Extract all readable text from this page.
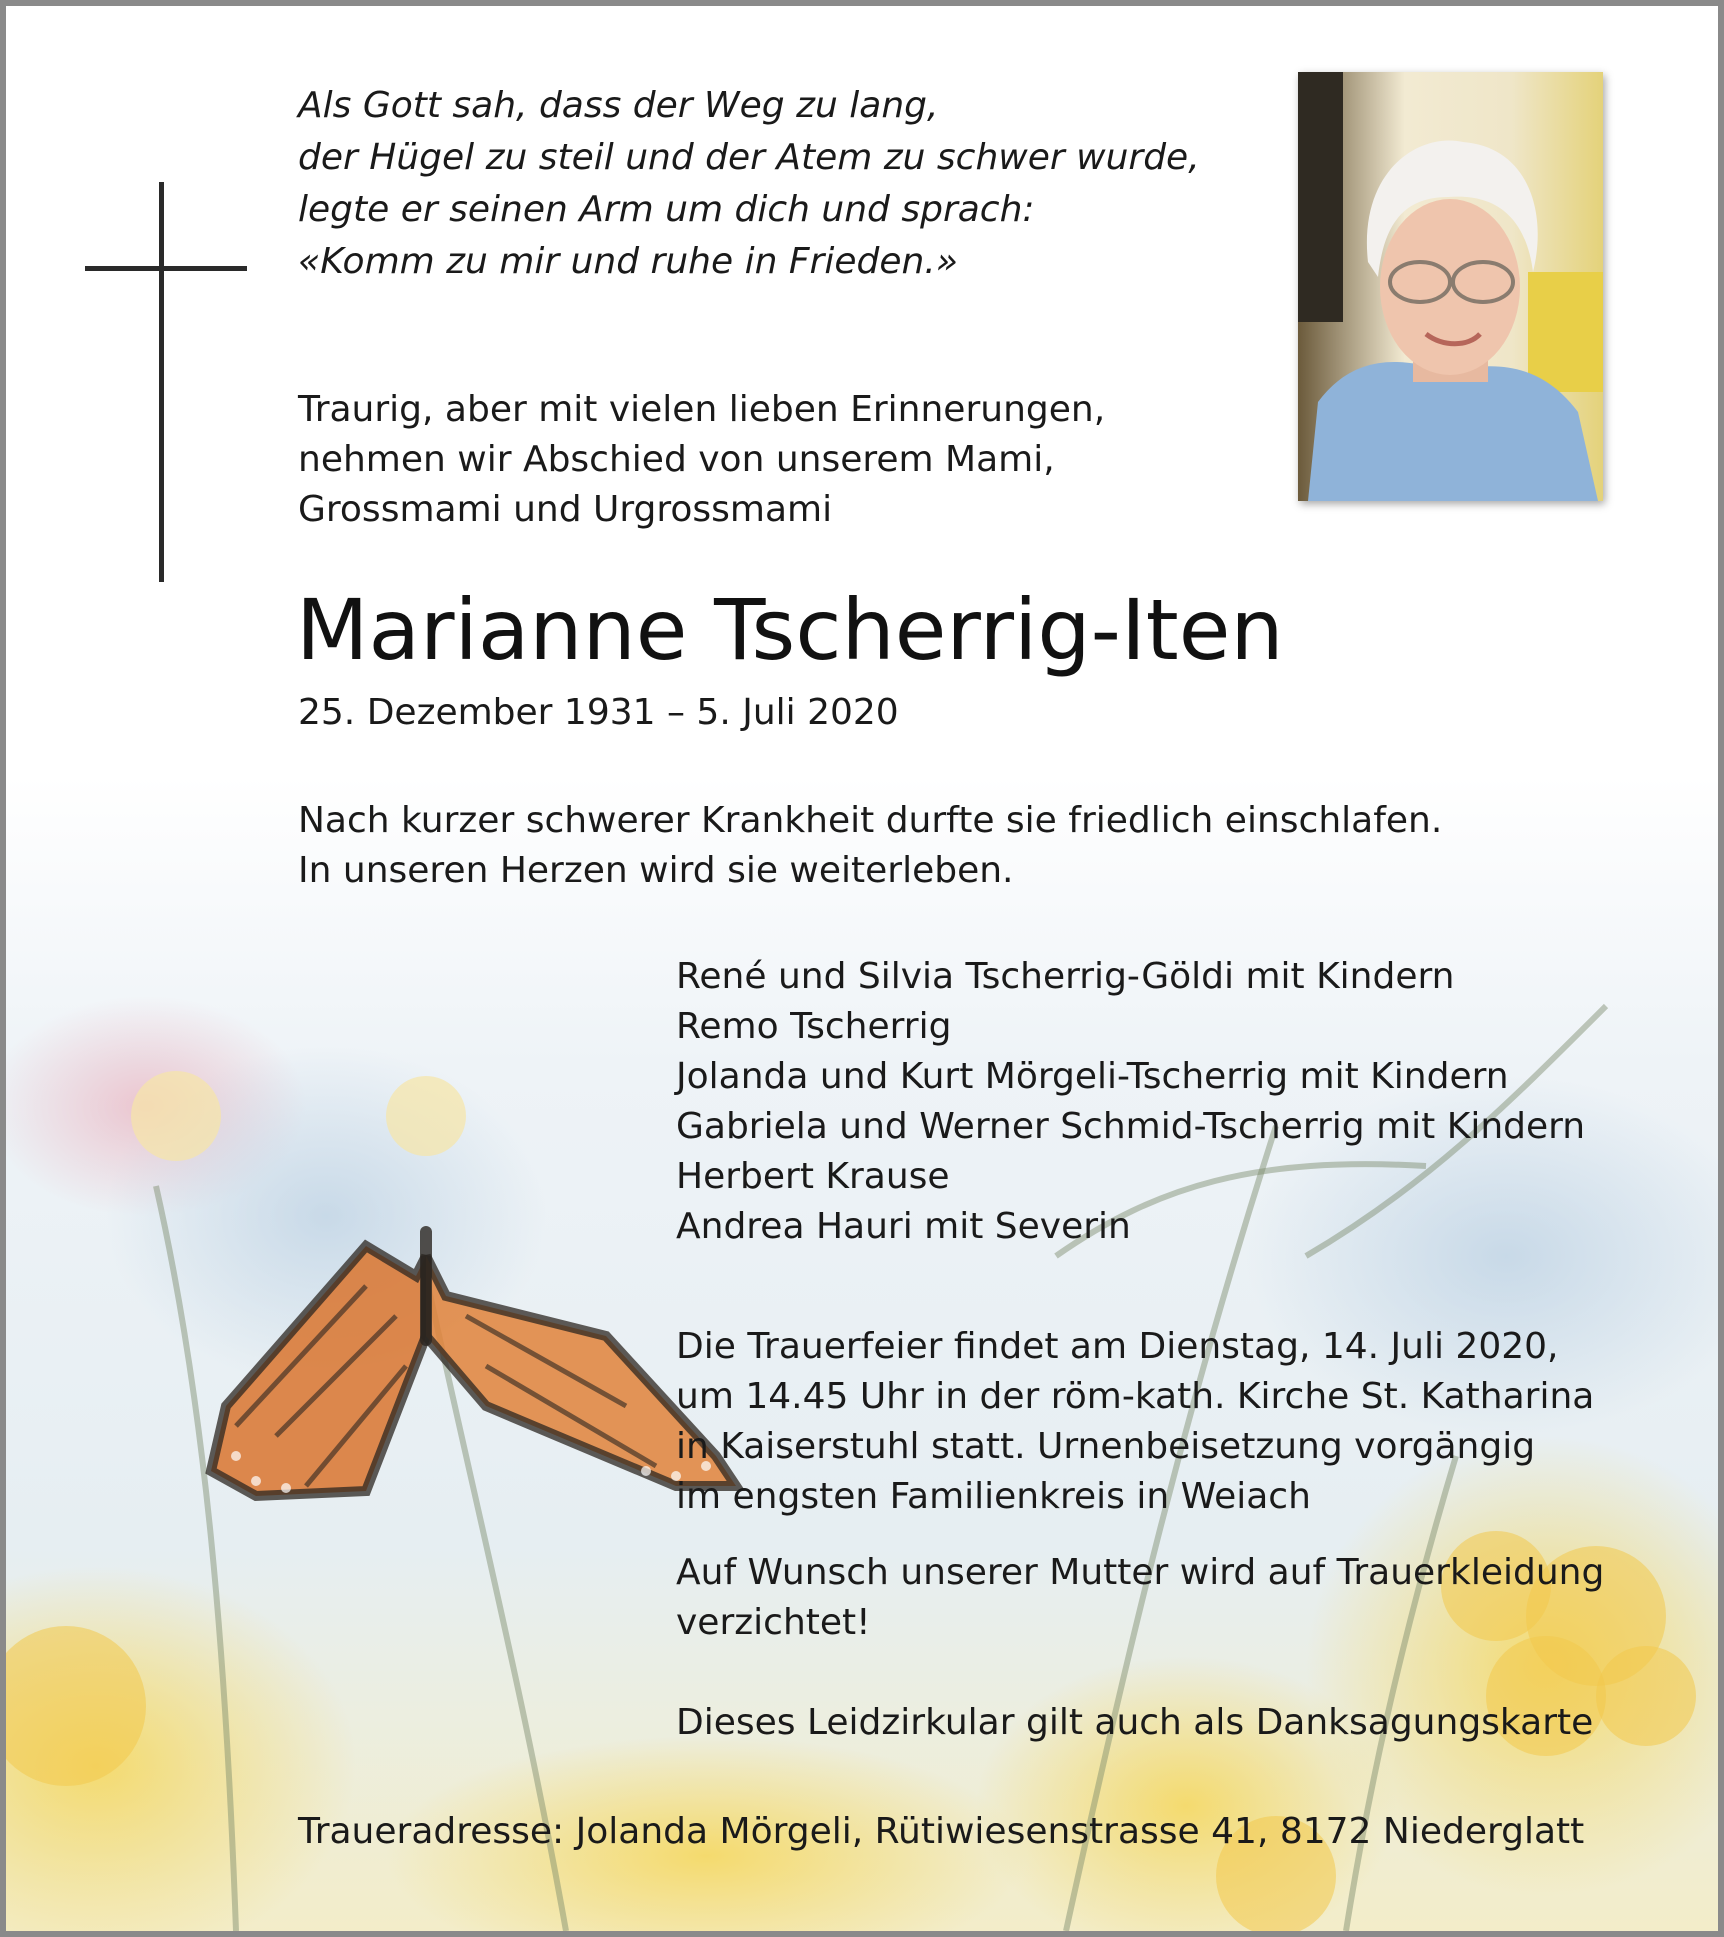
Als Gott sah, dass der Weg zu lang,
der Hügel zu steil und der Atem zu schwer wurde,
legte er seinen Arm um dich und sprach:
«Komm zu mir und ruhe in Frieden.»
Traurig, aber mit vielen lieben Erinnerungen,
nehmen wir Abschied von unserem Mami,
Grossmami und Urgrossmami
Marianne Tscherrig-Iten
25. Dezember 1931 – 5. Juli 2020
Nach kurzer schwerer Krankheit durfte sie friedlich einschlafen.
In unseren Herzen wird sie weiterleben.
René und Silvia Tscherrig-Göldi mit Kindern
Remo Tscherrig
Jolanda und Kurt Mörgeli-Tscherrig mit Kindern
Gabriela und Werner Schmid-Tscherrig mit Kindern
Herbert Krause
Andrea Hauri mit Severin
Die Trauerfeier findet am Dienstag, 14. Juli 2020,
um 14.45 Uhr in der röm-kath. Kirche St. Katharina
in Kaiserstuhl statt. Urnenbeisetzung vorgängig
im engsten Familienkreis in Weiach
Auf Wunsch unserer Mutter wird auf Trauerkleidung
verzichtet!
Dieses Leidzirkular gilt auch als Danksagungskarte
Traueradresse: Jolanda Mörgeli, Rütiwiesenstrasse 41, 8172 Niederglatt
